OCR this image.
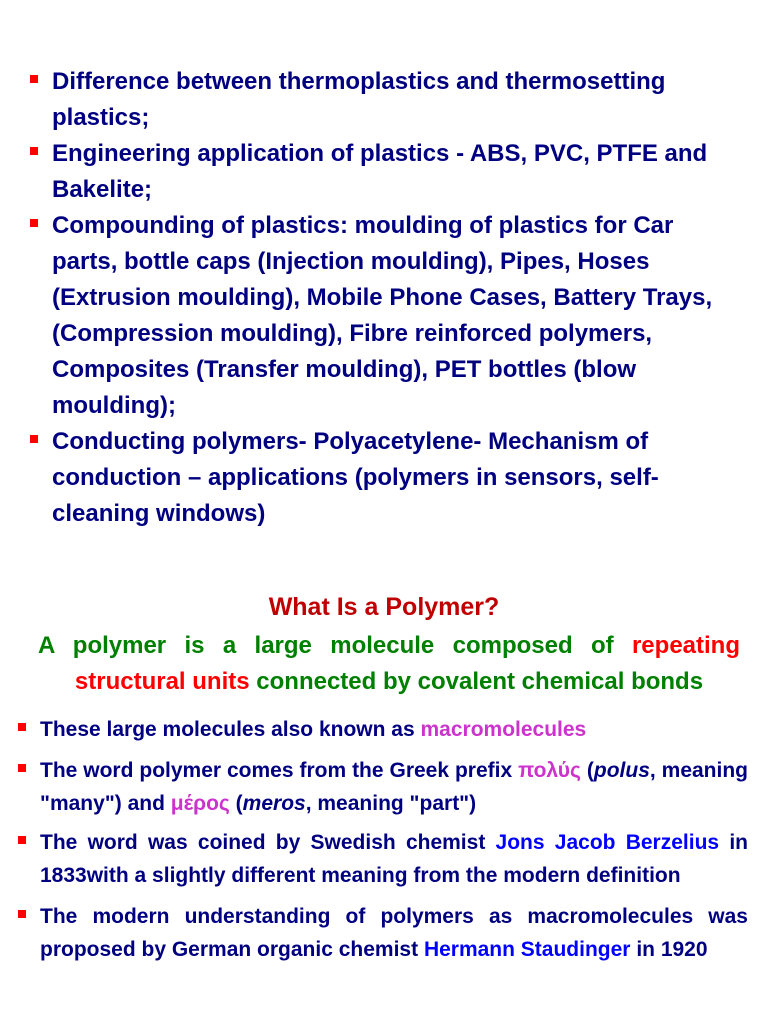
Difference between thermoplastics and thermosetting plastics;

Engineering application of plastics - ABS, PVC, PTFE and Bakelite;

Compounding of plastics: moulding of plastics for Car parts, bottle caps (Injection moulding), Pipes, Hoses (Extrusion moulding), Mobile Phone Cases, Battery Trays, (Compression moulding), Fibre reinforced polymers, Composites (Transfer moulding), PET bottles (blow moulding);

Conducting polymers- Polyacetylene- Mechanism of conduction – applications (polymers in sensors, self-cleaning windows)

What Is a Polymer?
A polymer is a large molecule composed of repeating structural units connected by covalent chemical bonds

These large molecules also known as macromolecules

The word polymer comes from the Greek prefix πολύς (polus, meaning "many") and μέρος (meros, meaning "part")

The word was coined by Swedish chemist Jons Jacob Berzelius in 1833with a slightly different meaning from the modern definition

The modern understanding of polymers as macromolecules was proposed by German organic chemist Hermann Staudinger in 1920
